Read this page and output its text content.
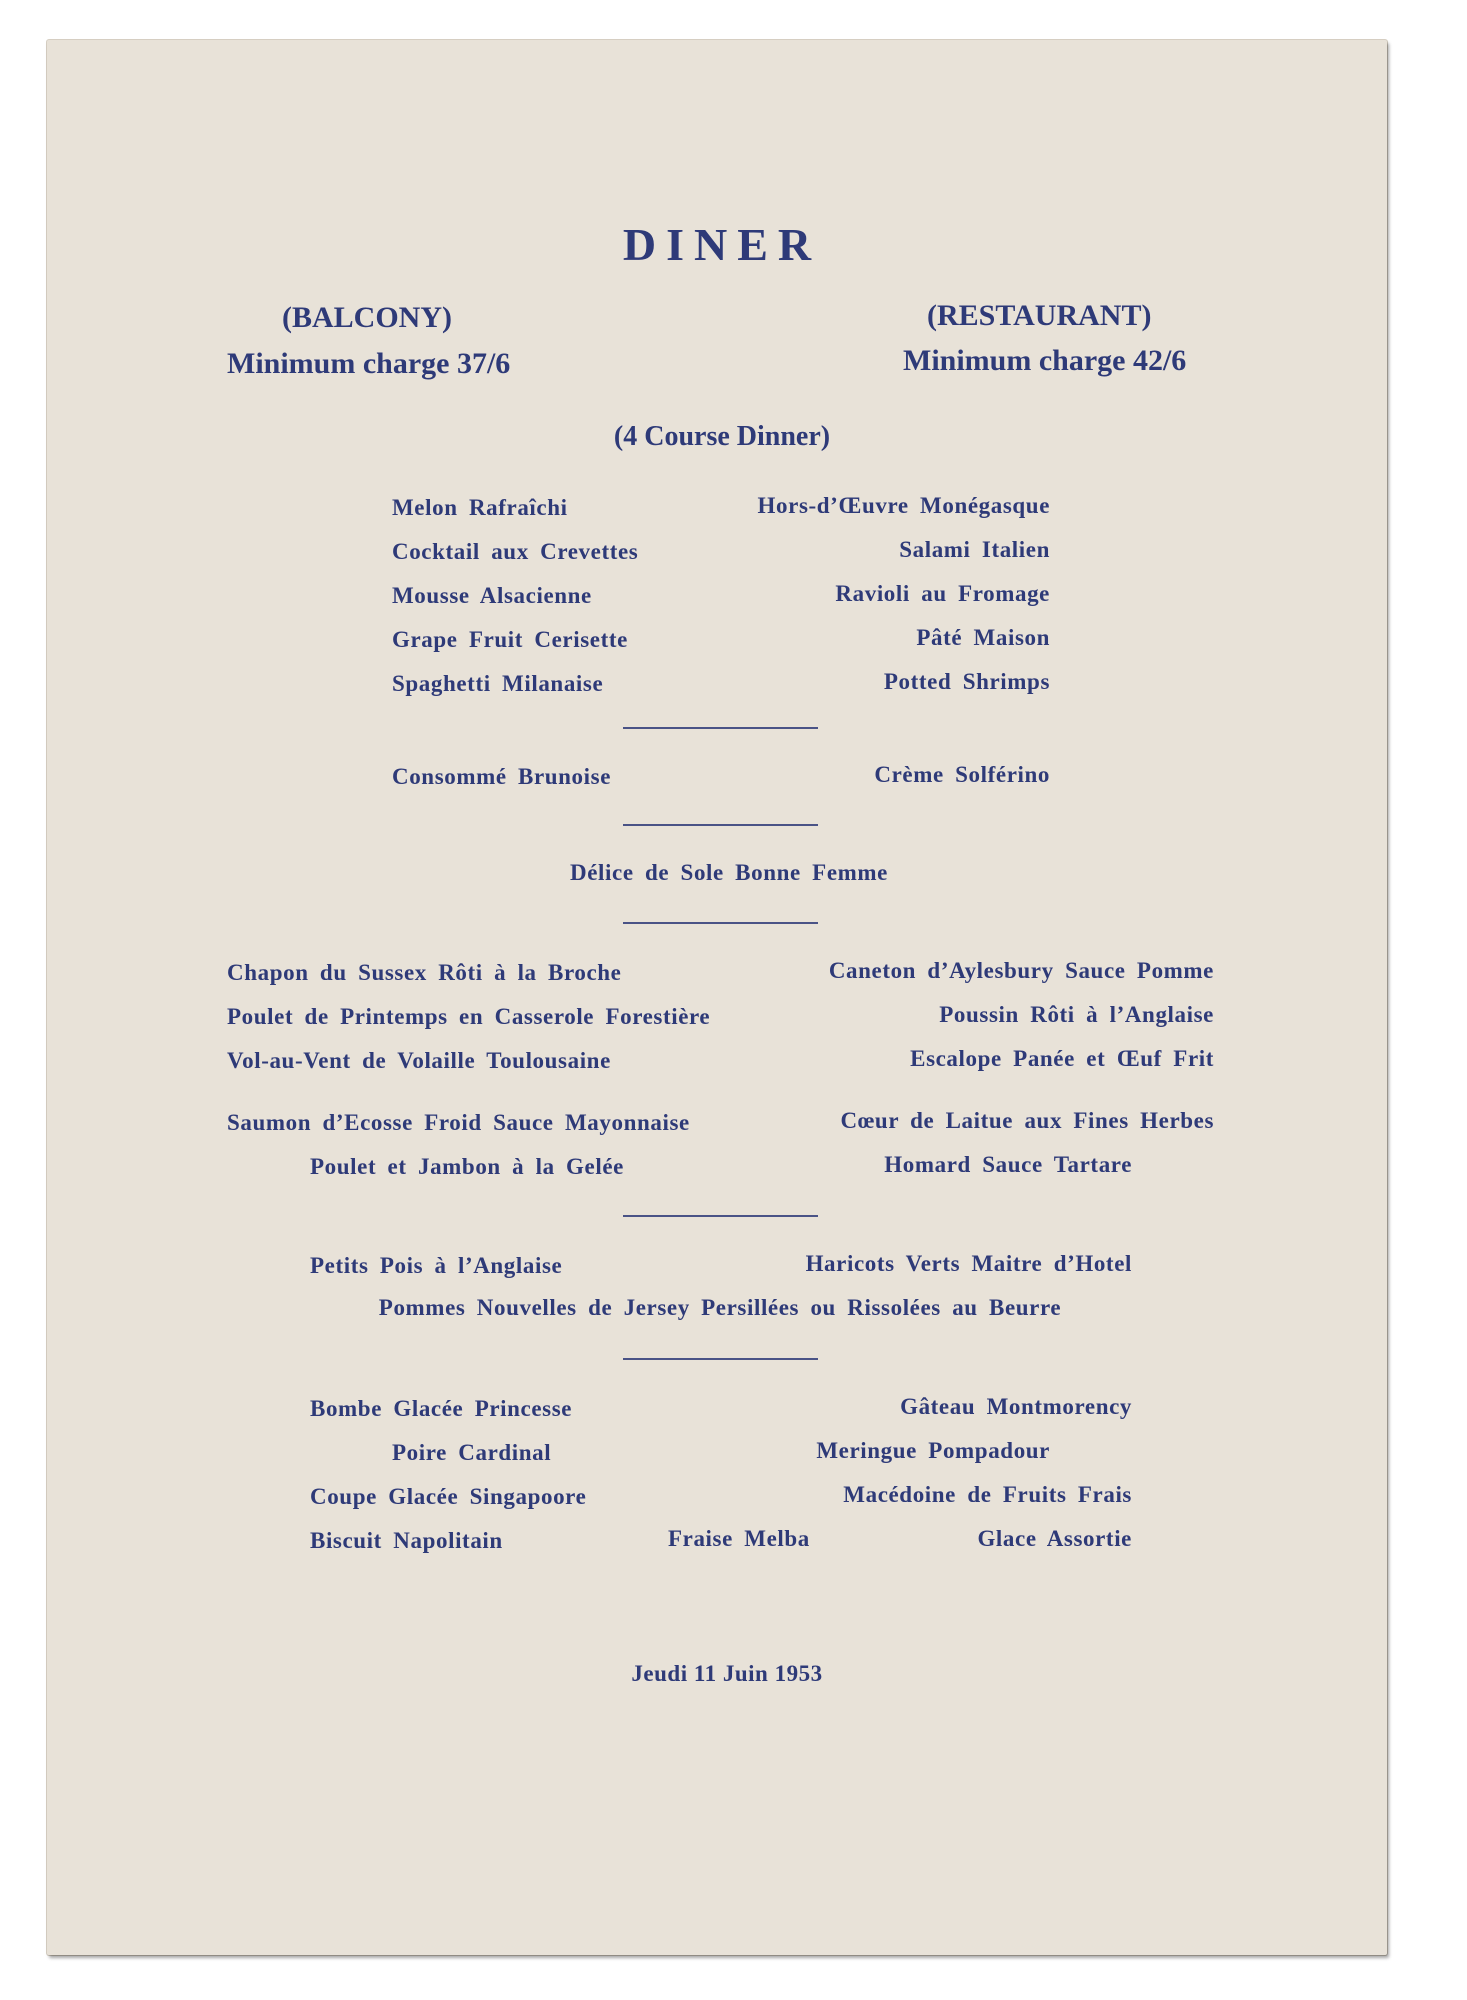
DINER
(BALCONY)
Minimum charge 37/6
(RESTAURANT)
Minimum charge 42/6
(4 Course Dinner)
Melon Rafraîchi
Cocktail aux Crevettes
Mousse Alsacienne
Grape Fruit Cerisette
Spaghetti Milanaise
Hors-d’Œuvre Monégasque
Salami Italien
Ravioli au Fromage
Pâté Maison
Potted Shrimps
Consommé Brunoise	Crème Solférino
Délice de Sole Bonne Femme
Chapon du Sussex Rôti à la Broche
Poulet de Printemps en Casserole Forestière
Vol-au-Vent de Volaille Toulousaine
Caneton d’Aylesbury Sauce Pomme
Poussin Rôti à l’Anglaise
Escalope Panée et Œuf Frit
Saumon d’Ecosse Froid Sauce Mayonnaise
Poulet et Jambon à la Gelée
Cœur de Laitue aux Fines Herbes
Homard Sauce Tartare
Petits Pois à l’Anglaise	Haricots Verts Maitre d’Hotel
Pommes Nouvelles de Jersey Persillées ou Rissolées au Beurre
Bombe Glacée Princesse
Poire Cardinal
Coupe Glacée Singapoore
Biscuit Napolitain
Gâteau Montmorency
Meringue Pompadour
Macédoine de Fruits Frais
Glace Assortie
Fraise Melba
Jeudi 11 Juin 1953
